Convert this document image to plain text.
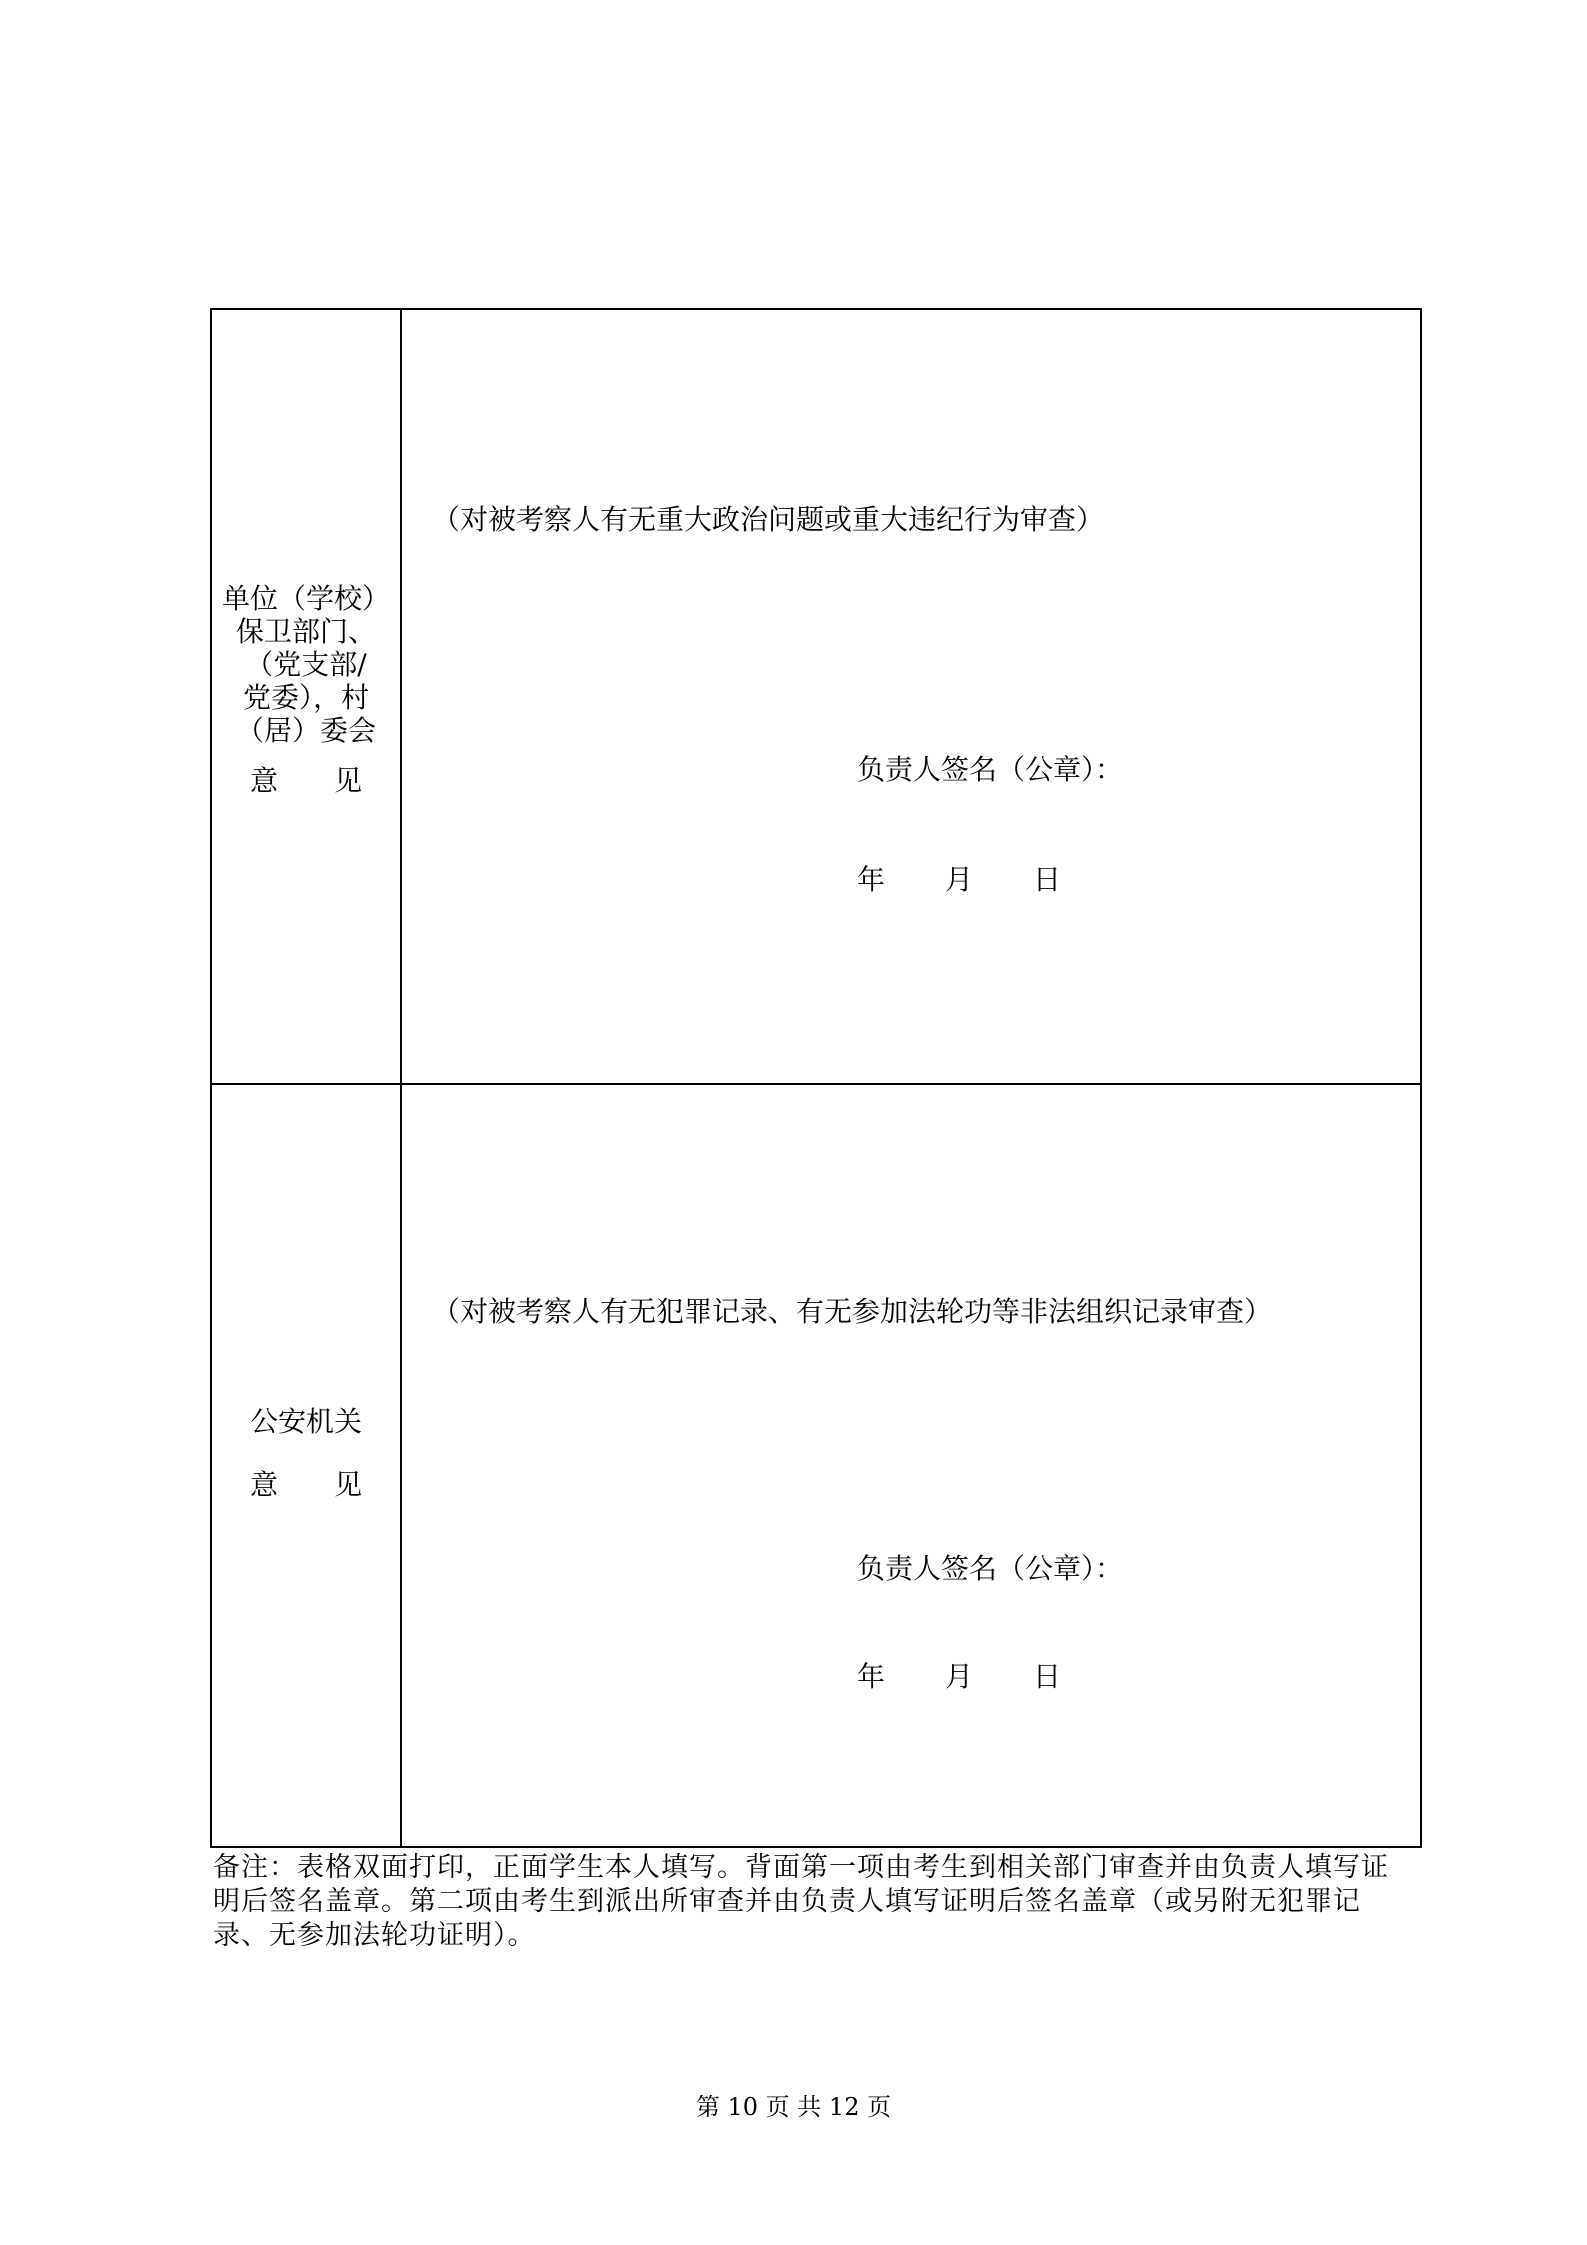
单位（学校）
保卫部门、
（党支部/
党委），村
（居）委会
意 见
（对被考察人有无重大政治问题或重大违纪行为审查）
负责人签名（公章）：
年 月 日
公安机关
意 见
（对被考察人有无犯罪记录、有无参加法轮功等非法组织记录审查）
负责人签名（公章）：
年 月 日
备注：表格双面打印，正面学生本人填写。背面第一项由考生到相关部门审查并由负责人填写证明后签名盖章。第二项由考生到派出所审查并由负责人填写证明后签名盖章（或另附无犯罪记录、无参加法轮功证明）。
第 10 页 共 12 页
